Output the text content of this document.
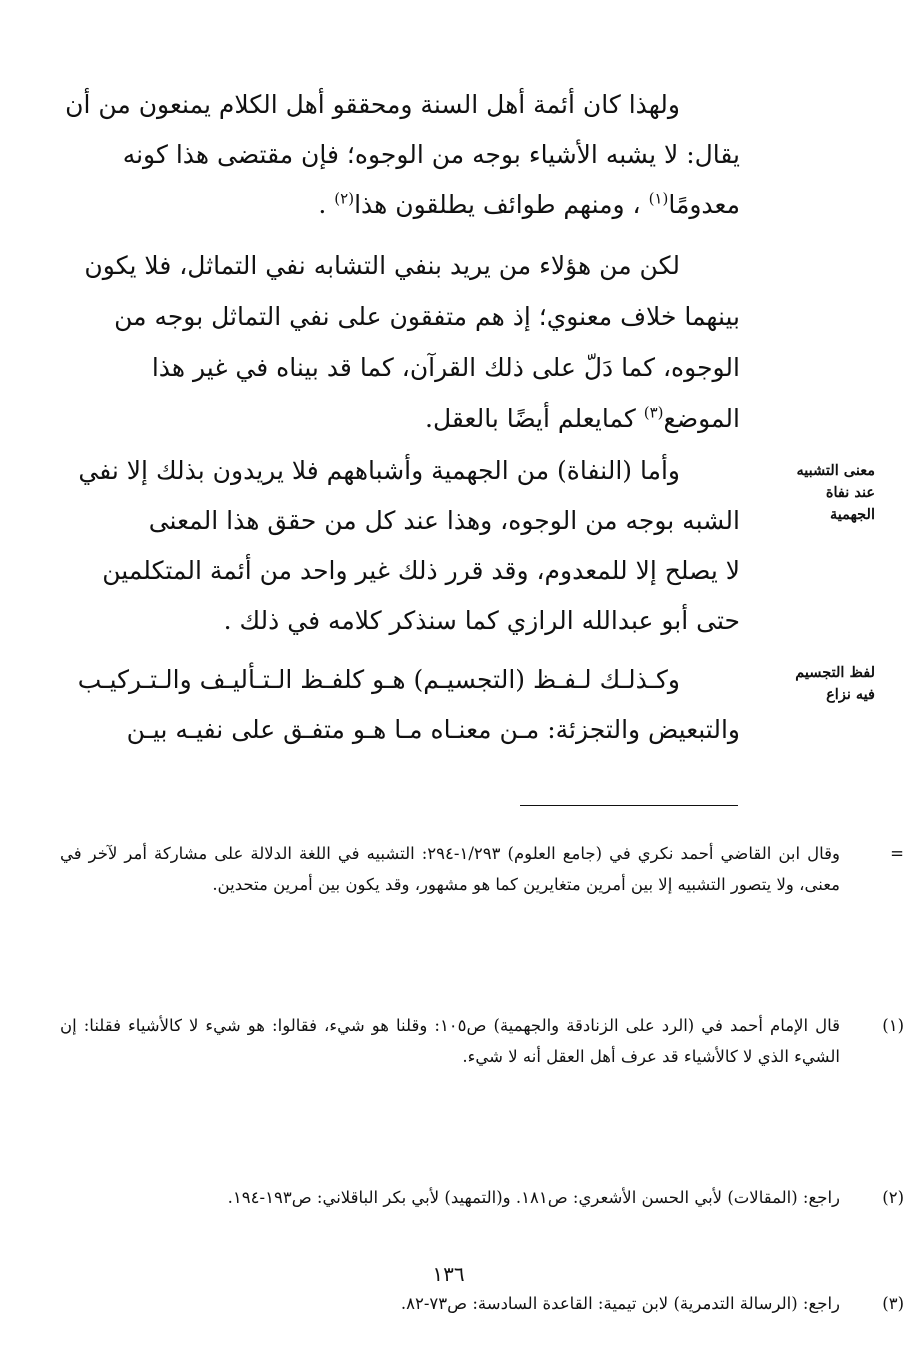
ولهذا كان أئمة أهل السنة ومحققو أهل الكلام يمنعون من أن

يقال: لا يشبه الأشياء بوجه من الوجوه؛ فإن مقتضى هذا كونه

معدومًا$^{(١)}$ ، ومنهم طوائف يطلقون هذا$^{(٢)}$ .

لكن من هؤلاء من يريد بنفي التشابه نفي التماثل، فلا يكون

بينهما خلاف معنوي؛ إذ هم متفقون على نفي التماثل بوجه من

الوجوه، كما دَلّ على ذلك القرآن، كما قد بيناه في غير هذا

الموضع$^{(٣)}$ كمايعلم أيضًا بالعقل.

وأما (النفاة) من الجهمية وأشباههم فلا يريدون بذلك إلا نفي

الشبه بوجه من الوجوه، وهذا عند كل من حقق هذا المعنى

لا يصلح إلا للمعدوم، وقد قرر ذلك غير واحد من أئمة المتكلمين

حتى أبو عبدالله الرازي كما سنذكر كلامه في ذلك .

وكـذلـك لـفـظ (التجسيـم) هـو كلفـظ الـتـأليـف والـتـركيـب

والتبعيض والتجزئة: مـن معنـاه مـا هـو متفـق على نفيـه بيـن

معنى التشبيه
عند نفاة
الجهمية
لفظ التجسيم
فيه نزاع
=
وقال ابن القاضي أحمد نكري في (جامع العلوم) ١/٢٩٣-٢٩٤: التشبيه في اللغة الدلالة على مشاركة أمر لآخر في معنى، ولا يتصور التشبيه إلا بين أمرين متغايرين كما هو مشهور، وقد يكون بين أمرين متحدين.
(١)
قال الإمام أحمد في (الرد على الزنادقة والجهمية) ص١٠٥: وقلنا هو شيء، فقالوا: هو شيء لا كالأشياء فقلنا: إن الشيء الذي لا كالأشياء قد عرف أهل العقل أنه لا شيء.
(٢)
راجع: (المقالات) لأبي الحسن الأشعري: ص١٨١. و(التمهيد) لأبي بكر الباقلاني: ص١٩٣-١٩٤.
(٣)
راجع: (الرسالة التدمرية) لابن تيمية: القاعدة السادسة: ص٧٣-٨٢.
١٣٦
